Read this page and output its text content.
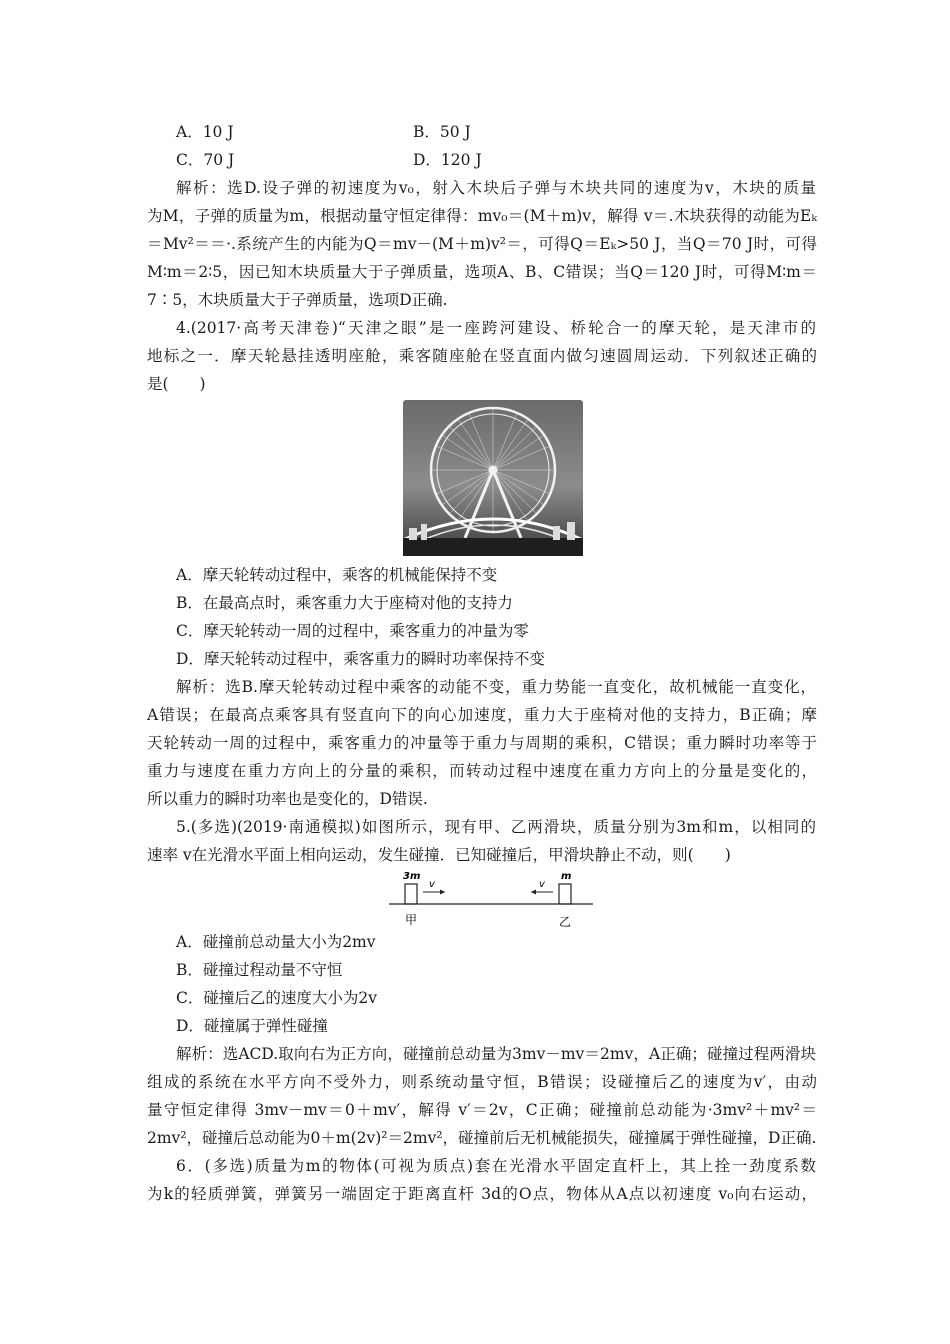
A．10 J	B．50 J
C．70 J	D．120 J
解析：选D.设子弹的初速度为v₀，射入木块后子弹与木块共同的速度为v，木块的质量
为M，子弹的质量为m，根据动量守恒定律得：mv₀＝(M＋m)v，解得 v＝.木块获得的动能为Eₖ
＝Mv²＝＝·.系统产生的内能为Q＝mv－(M＋m)v²＝，可得Q＝Eₖ>50 J，当Q＝70 J时，可得
M∶m＝2∶5，因已知木块质量大于子弹质量，选项A、B、C错误；当Q＝120 J时，可得M∶m＝
7∶5，木块质量大于子弹质量，选项D正确.
4.(2017·高考天津卷)“天津之眼”是一座跨河建设、桥轮合一的摩天轮，是天津市的
地标之一．摩天轮悬挂透明座舱，乘客随座舱在竖直面内做匀速圆周运动．下列叙述正确的
是(　　)
A．摩天轮转动过程中，乘客的机械能保持不变
B．在最高点时，乘客重力大于座椅对他的支持力
C．摩天轮转动一周的过程中，乘客重力的冲量为零
D．摩天轮转动过程中，乘客重力的瞬时功率保持不变
解析：选B.摩天轮转动过程中乘客的动能不变，重力势能一直变化，故机械能一直变化，
A错误；在最高点乘客具有竖直向下的向心加速度，重力大于座椅对他的支持力，B正确；摩
天轮转动一周的过程中，乘客重力的冲量等于重力与周期的乘积，C错误；重力瞬时功率等于
重力与速度在重力方向上的分量的乘积，而转动过程中速度在重力方向上的分量是变化的，
所以重力的瞬时功率也是变化的，D错误.
5.(多选)(2019·南通模拟)如图所示，现有甲、乙两滑块，质量分别为3m和m，以相同的
速率 v在光滑水平面上相向运动，发生碰撞．已知碰撞后，甲滑块静止不动，则(　　)
3m	m
v	v
甲	乙
A．碰撞前总动量大小为2mv
B．碰撞过程动量不守恒
C．碰撞后乙的速度大小为2v
D．碰撞属于弹性碰撞
解析：选ACD.取向右为正方向，碰撞前总动量为3mv－mv＝2mv，A正确；碰撞过程两滑块
组成的系统在水平方向不受外力，则系统动量守恒，B错误；设碰撞后乙的速度为v′，由动
量守恒定律得 3mv－mv＝0＋mv′，解得 v′＝2v，C正确；碰撞前总动能为·3mv²＋mv²＝
2mv²，碰撞后总动能为0＋m(2v)²＝2mv²，碰撞前后无机械能损失，碰撞属于弹性碰撞，D正确.
6．(多选)质量为m的物体(可视为质点)套在光滑水平固定直杆上，其上拴一劲度系数
为k的轻质弹簧，弹簧另一端固定于距离直杆 3d的O点，物体从A点以初速度 v₀向右运动，
